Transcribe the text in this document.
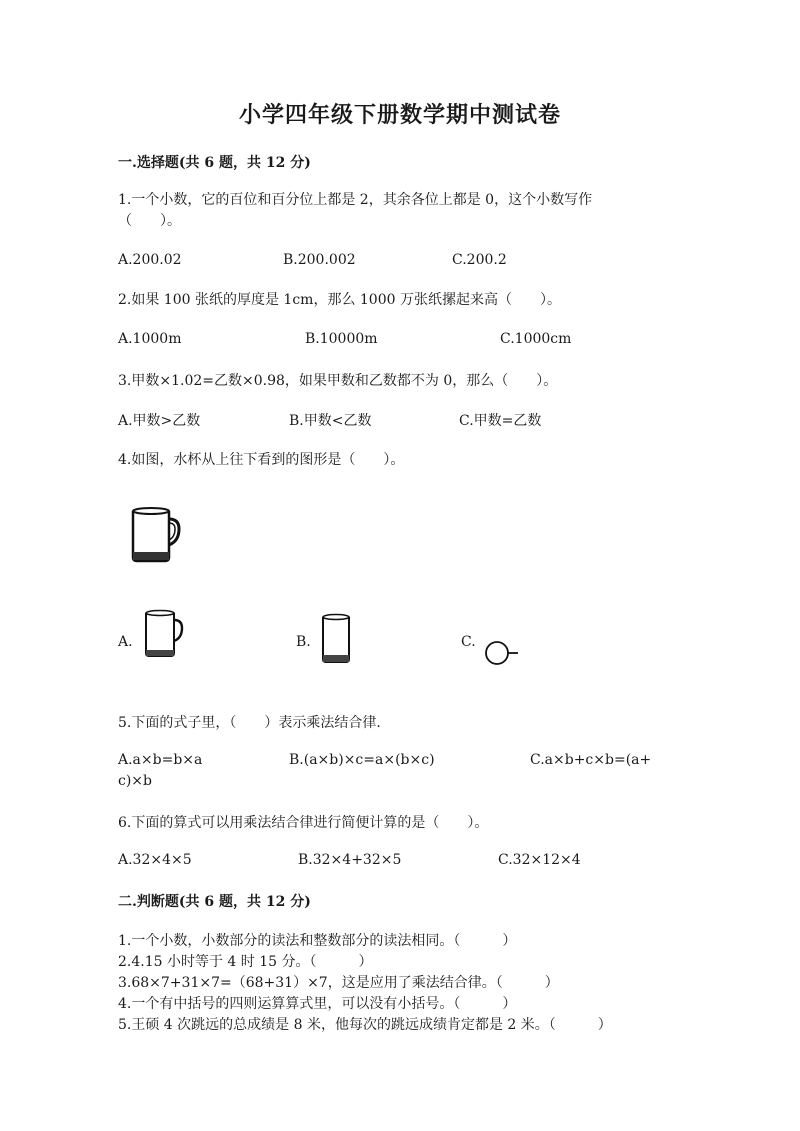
小学四年级下册数学期中测试卷
一.选择题(共 6 题，共 12 分)
1.一个小数，它的百位和百分位上都是 2，其余各位上都是 0，这个小数写作
（　　）。
A.200.02	B.200.002	C.200.2
2.如果 100 张纸的厚度是 1cm，那么 1000 万张纸摞起来高（　　）。
A.1000m	B.10000m	C.1000cm
3.甲数×1.02=乙数×0.98，如果甲数和乙数都不为 0，那么（　　）。
A.甲数>乙数	B.甲数<乙数	C.甲数=乙数
4.如图，水杯从上往下看到的图形是（　　）。
A.	B.	C.
5.下面的式子里，（　　）表示乘法结合律.
A.a×b=b×a	B.(a×b)×c=a×(b×c)	C.a×b+c×b=(a+
c)×b
6.下面的算式可以用乘法结合律进行简便计算的是（　　）。
A.32×4×5	B.32×4+32×5	C.32×12×4
二.判断题(共 6 题，共 12 分)
1.一个小数，小数部分的读法和整数部分的读法相同。（　　　）
2.4.15 小时等于 4 时 15 分。（　　　）
3.68×7+31×7=（68+31）×7，这是应用了乘法结合律。（　　　）
4.一个有中括号的四则运算算式里，可以没有小括号。（　　　）
5.王硕 4 次跳远的总成绩是 8 米，他每次的跳远成绩肯定都是 2 米。（　　　）
